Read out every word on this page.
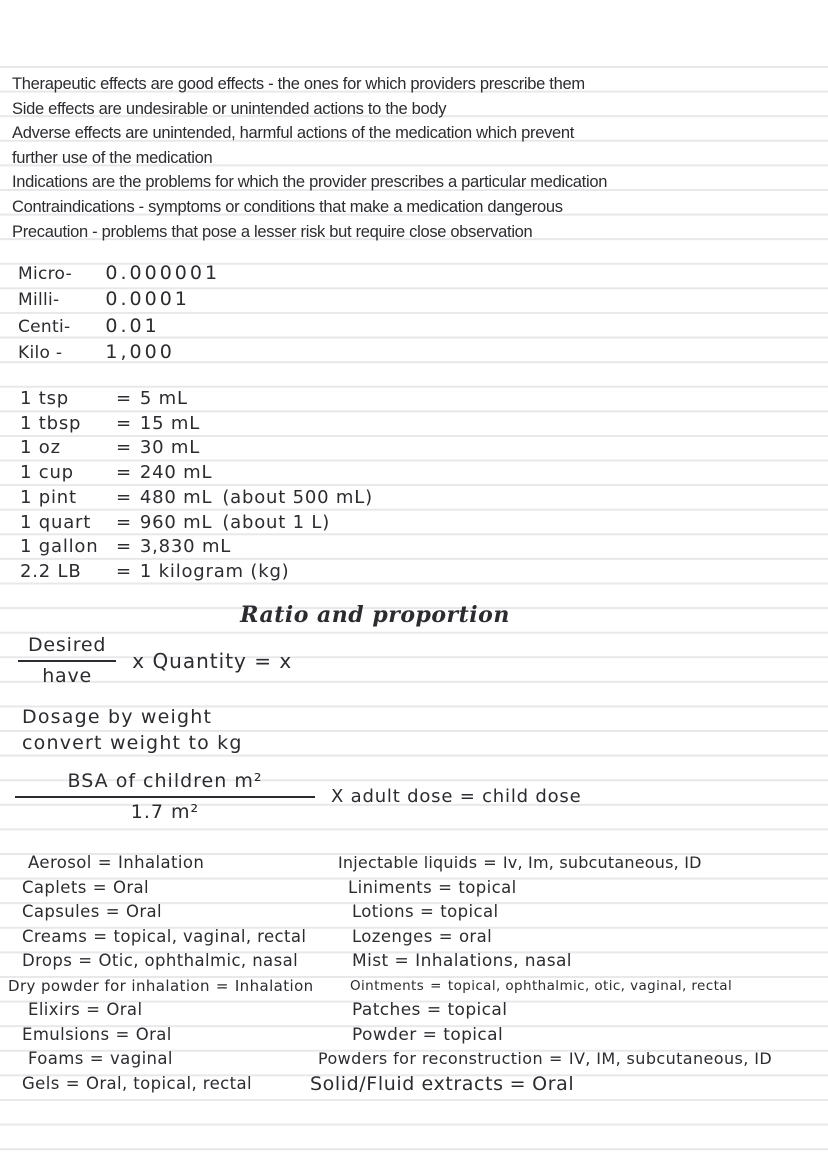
Therapeutic effects are good effects - the ones for which providers prescribe them
Side effects are undesirable or unintended actions to the body
Adverse effects are unintended, harmful actions of the medication which prevent
further use of the medication
Indications are the problems for which the provider prescribes a particular medication
Contraindications - symptoms or conditions that make a medication dangerous
Precaution - problems that pose a lesser risk but require close observation
Micro- 0.000001
Milli- 0.0001
Centi- 0.01
Kilo - 1,000
1 tsp	= 5 mL
1 tbsp = 15 mL
1 oz	= 30 mL
1 cup = 240 mL
1 pint = 480 mL (about 500 mL)
1 quart = 960 mL (about 1 L)
1 gallon = 3,830 mL
2.2 LB = 1 kilogram (kg)
Ratio and proportion
$\frac{\text{Desired}}{\text{have}}$ x Quantity = x
Dosage by weight
convert weight to kg
$\frac{\text{BSA of children m²}}{\text{1.7 m²}}$ X adult dose = child dose
Aerosol = Inhalation
Caplets = Oral
Capsules = Oral
Creams = topical, vaginal, rectal
Drops = Otic, ophthalmic, nasal
Dry powder for inhalation = Inhalation
Elixirs = Oral
Emulsions = Oral
Foams = vaginal
Gels = Oral, topical, rectal
Injectable liquids = Iv, Im, subcutaneous, ID
Liniments = topical
Lotions = topical
Lozenges = oral
Mist = Inhalations, nasal
Ointments = topical, ophthalmic, otic, vaginal, rectal
Patches = topical
Powder = topical
Powders for reconstruction = IV, IM, subcutaneous, ID
Solid/Fluid extracts = Oral
